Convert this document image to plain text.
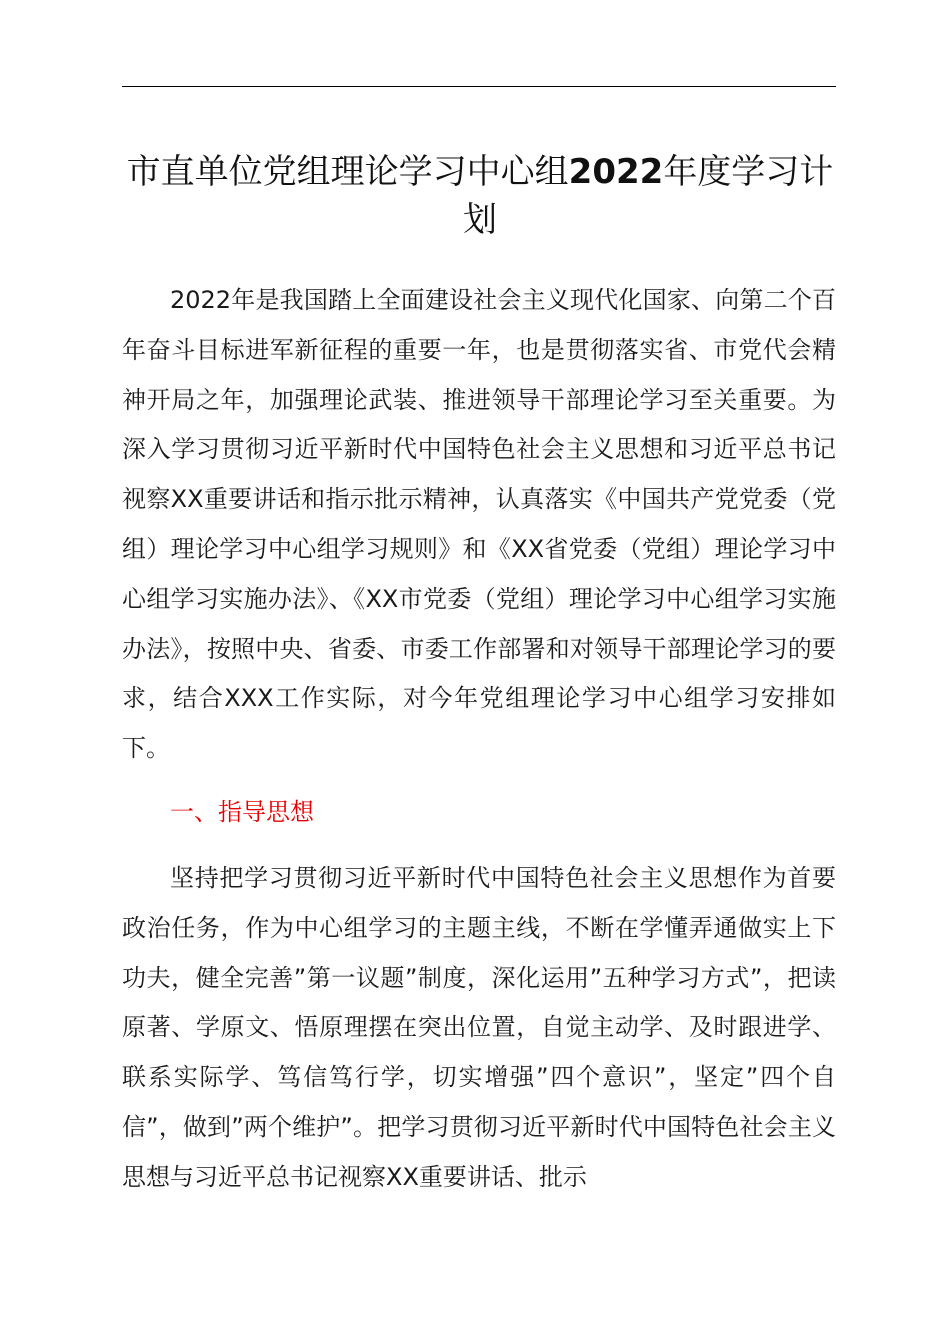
市直单位党组理论学习中心组2022年度学习计划

2022年是我国踏上全面建设社会主义现代化国家、向第二个百年奋斗目标进军新征程的重要一年，也是贯彻落实省、市党代会精神开局之年，加强理论武装、推进领导干部理论学习至关重要。为深入学习贯彻习近平新时代中国特色社会主义思想和习近平总书记视察XX重要讲话和指示批示精神，认真落实《中国共产党党委（党组）理论学习中心组学习规则》和《XX省党委（党组）理论学习中心组学习实施办法》、《XX市党委（党组）理论学习中心组学习实施办法》，按照中央、省委、市委工作部署和对领导干部理论学习的要求，结合XXX工作实际，对今年党组理论学习中心组学习安排如下。

一、指导思想

坚持把学习贯彻习近平新时代中国特色社会主义思想作为首要政治任务，作为中心组学习的主题主线，不断在学懂弄通做实上下功夫，健全完善”第一议题”制度，深化运用”五种学习方式”，把读原著、学原文、悟原理摆在突出位置，自觉主动学、及时跟进学、联系实际学、笃信笃行学，切实增强”四个意识”，坚定”四个自信”，做到”两个维护”。把学习贯彻习近平新时代中国特色社会主义思想与习近平总书记视察XX重要讲话、批示
